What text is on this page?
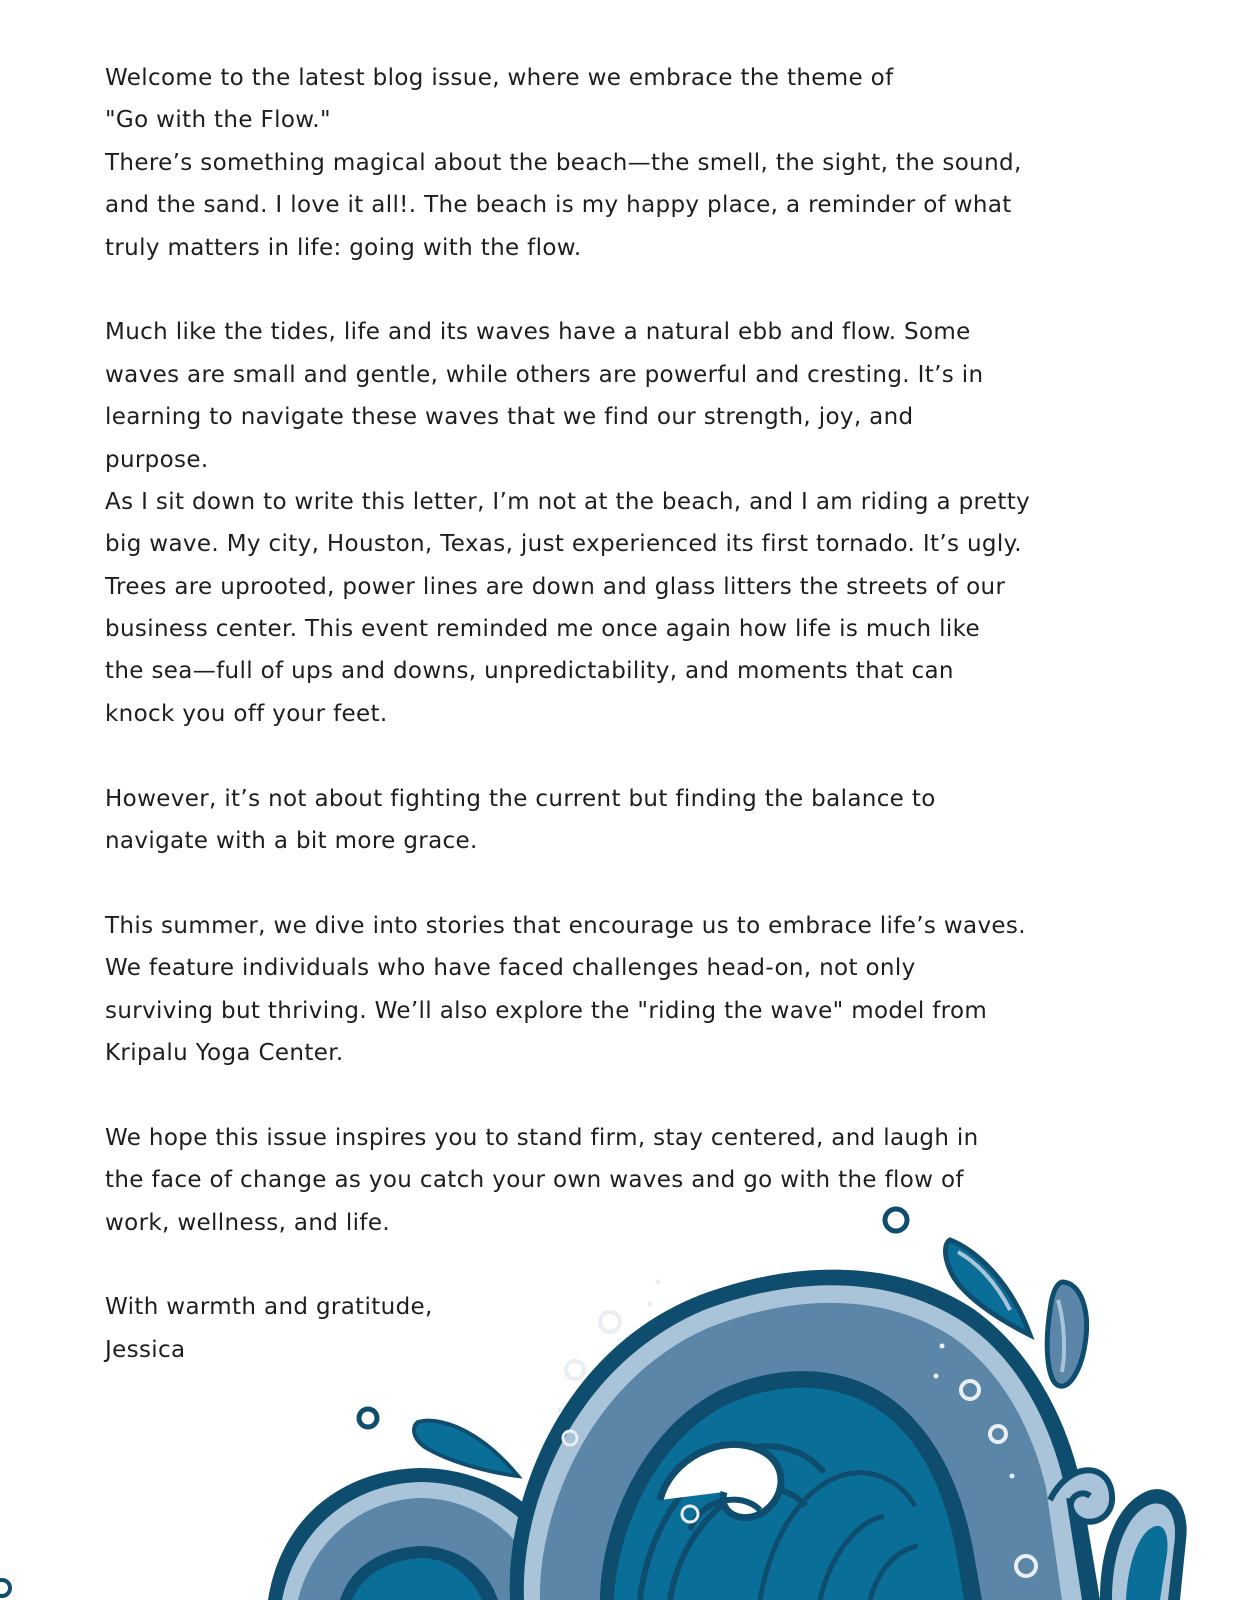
Welcome to the latest blog issue, where we embrace the theme of
"Go with the Flow."
There’s something magical about the beach—the smell, the sight, the sound,
and the sand. I love it all!. The beach is my happy place, a reminder of what
truly matters in life: going with the flow.
Much like the tides, life and its waves have a natural ebb and flow. Some
waves are small and gentle, while others are powerful and cresting. It’s in
learning to navigate these waves that we find our strength, joy, and
purpose.
As I sit down to write this letter, I’m not at the beach, and I am riding a pretty
big wave. My city, Houston, Texas, just experienced its first tornado. It’s ugly.
Trees are uprooted, power lines are down and glass litters the streets of our
business center. This event reminded me once again how life is much like
the sea—full of ups and downs, unpredictability, and moments that can
knock you off your feet.
However, it’s not about fighting the current but finding the balance to
navigate with a bit more grace.
This summer, we dive into stories that encourage us to embrace life’s waves.
We feature individuals who have faced challenges head-on, not only
surviving but thriving. We’ll also explore the "riding the wave" model from
Kripalu Yoga Center.
We hope this issue inspires you to stand firm, stay centered, and laugh in
the face of change as you catch your own waves and go with the flow of
work, wellness, and life.
With warmth and gratitude,
Jessica
